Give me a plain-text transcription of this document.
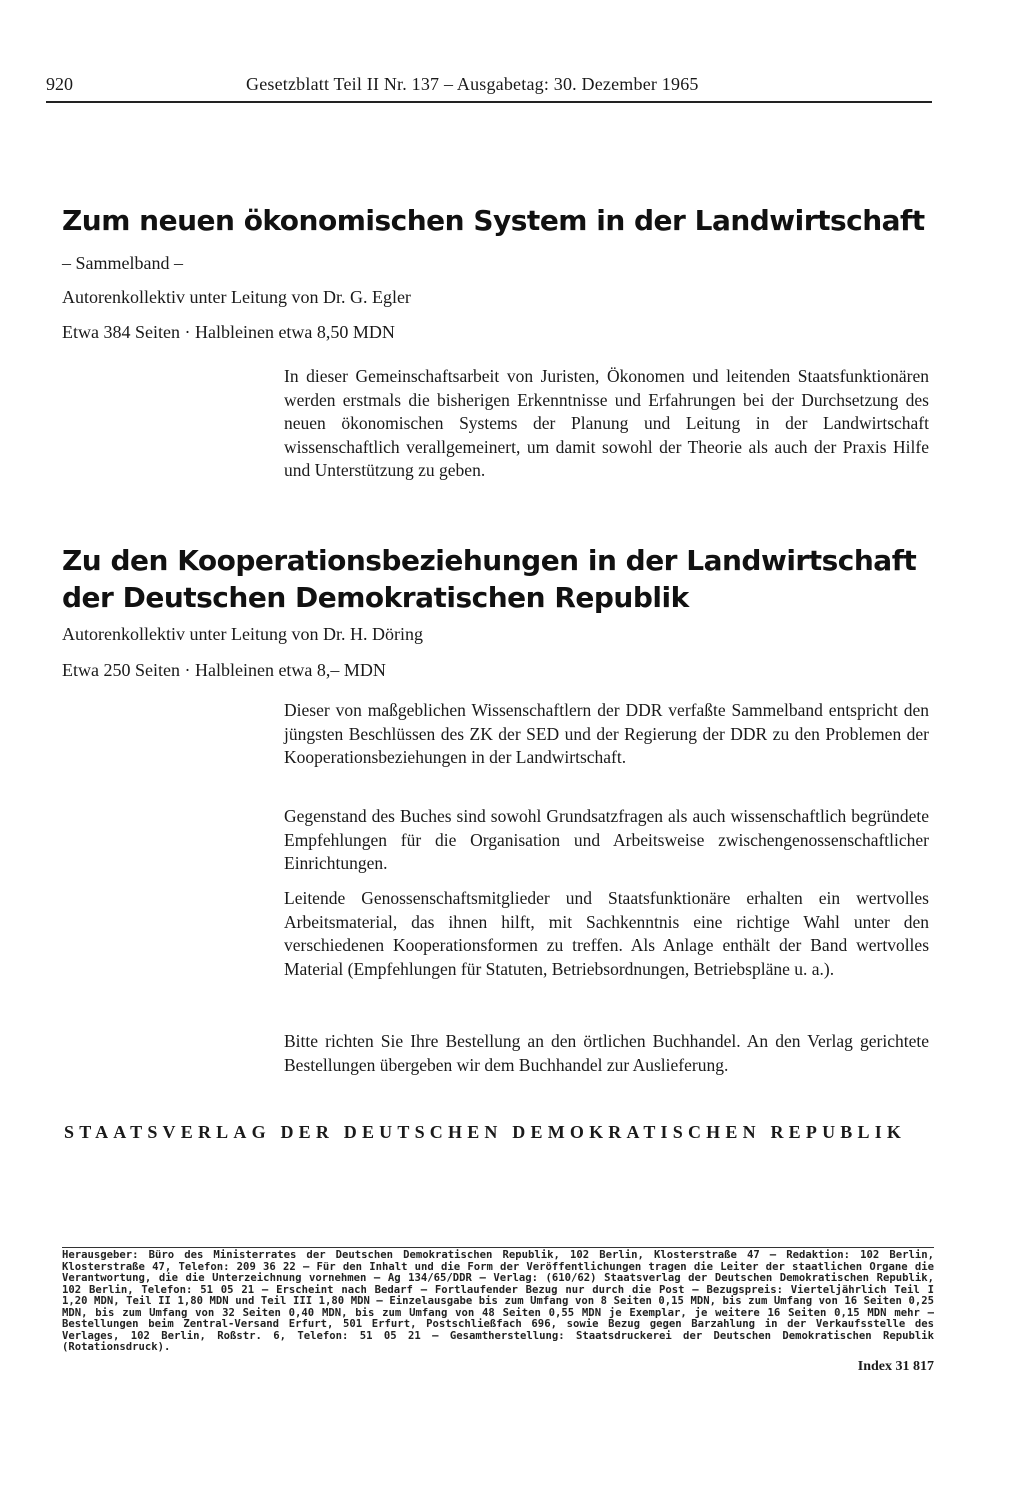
920	Gesetzblatt Teil II Nr. 137 – Ausgabetag: 30. Dezember 1965
Zum neuen ökonomischen System in der Landwirtschaft
– Sammelband –
Autorenkollektiv unter Leitung von Dr. G. Egler
Etwa 384 Seiten · Halbleinen etwa 8,50 MDN

In dieser Gemeinschaftsarbeit von Juristen, Ökonomen und leitenden Staatsfunktionären werden erstmals die bisherigen Erkenntnisse und Erfahrungen bei der Durchsetzung des neuen ökonomischen Systems der Planung und Leitung in der Landwirtschaft wissenschaftlich verallgemeinert, um damit sowohl der Theorie als auch der Praxis Hilfe und Unterstützung zu geben.

Zu den Kooperationsbeziehungen in der Landwirtschaft
der Deutschen Demokratischen Republik
Autorenkollektiv unter Leitung von Dr. H. Döring
Etwa 250 Seiten · Halbleinen etwa 8,– MDN

Dieser von maßgeblichen Wissenschaftlern der DDR verfaßte Sammelband entspricht den jüngsten Beschlüssen des ZK der SED und der Regierung der DDR zu den Problemen der Kooperationsbeziehungen in der Landwirtschaft.

Gegenstand des Buches sind sowohl Grundsatzfragen als auch wissenschaftlich begründete Empfehlungen für die Organisation und Arbeitsweise zwischengenossenschaftlicher Einrichtungen.

Leitende Genossenschaftsmitglieder und Staatsfunktionäre erhalten ein wertvolles Arbeitsmaterial, das ihnen hilft, mit Sachkenntnis eine richtige Wahl unter den verschiedenen Kooperationsformen zu treffen. Als Anlage enthält der Band wertvolles Material (Empfehlungen für Statuten, Betriebsordnungen, Betriebspläne u. a.).

Bitte richten Sie Ihre Bestellung an den örtlichen Buchhandel. An den Verlag gerichtete Bestellungen übergeben wir dem Buchhandel zur Auslieferung.

STAATSVERLAG DER DEUTSCHEN DEMOKRATISCHEN REPUBLIK
Herausgeber: Büro des Ministerrates der Deutschen Demokratischen Republik, 102 Berlin, Klosterstraße 47 – Redaktion: 102 Berlin, Klosterstraße 47, Telefon: 209 36 22 – Für den Inhalt und die Form der Veröffentlichungen tragen die Leiter der staatlichen Organe die Verantwortung, die die Unterzeichnung vornehmen – Ag 134/65/DDR – Verlag: (610/62) Staatsverlag der Deutschen Demokratischen Republik, 102 Berlin, Telefon: 51 05 21 – Erscheint nach Bedarf – Fortlaufender Bezug nur durch die Post – Bezugspreis: Vierteljährlich Teil I 1,20 MDN, Teil II 1,80 MDN und Teil III 1,80 MDN – Einzelausgabe bis zum Umfang von 8 Seiten 0,15 MDN, bis zum Umfang von 16 Seiten 0,25 MDN, bis zum Umfang von 32 Seiten 0,40 MDN, bis zum Umfang von 48 Seiten 0,55 MDN je Exemplar, je weitere 16 Seiten 0,15 MDN mehr – Bestellungen beim Zentral-Versand Erfurt, 501 Erfurt, Postschließfach 696, sowie Bezug gegen Barzahlung in der Verkaufsstelle des Verlages, 102 Berlin, Roßstr. 6, Telefon: 51 05 21 – Gesamtherstellung: Staatsdruckerei der Deutschen Demokratischen Republik (Rotationsdruck).
Index 31 817
